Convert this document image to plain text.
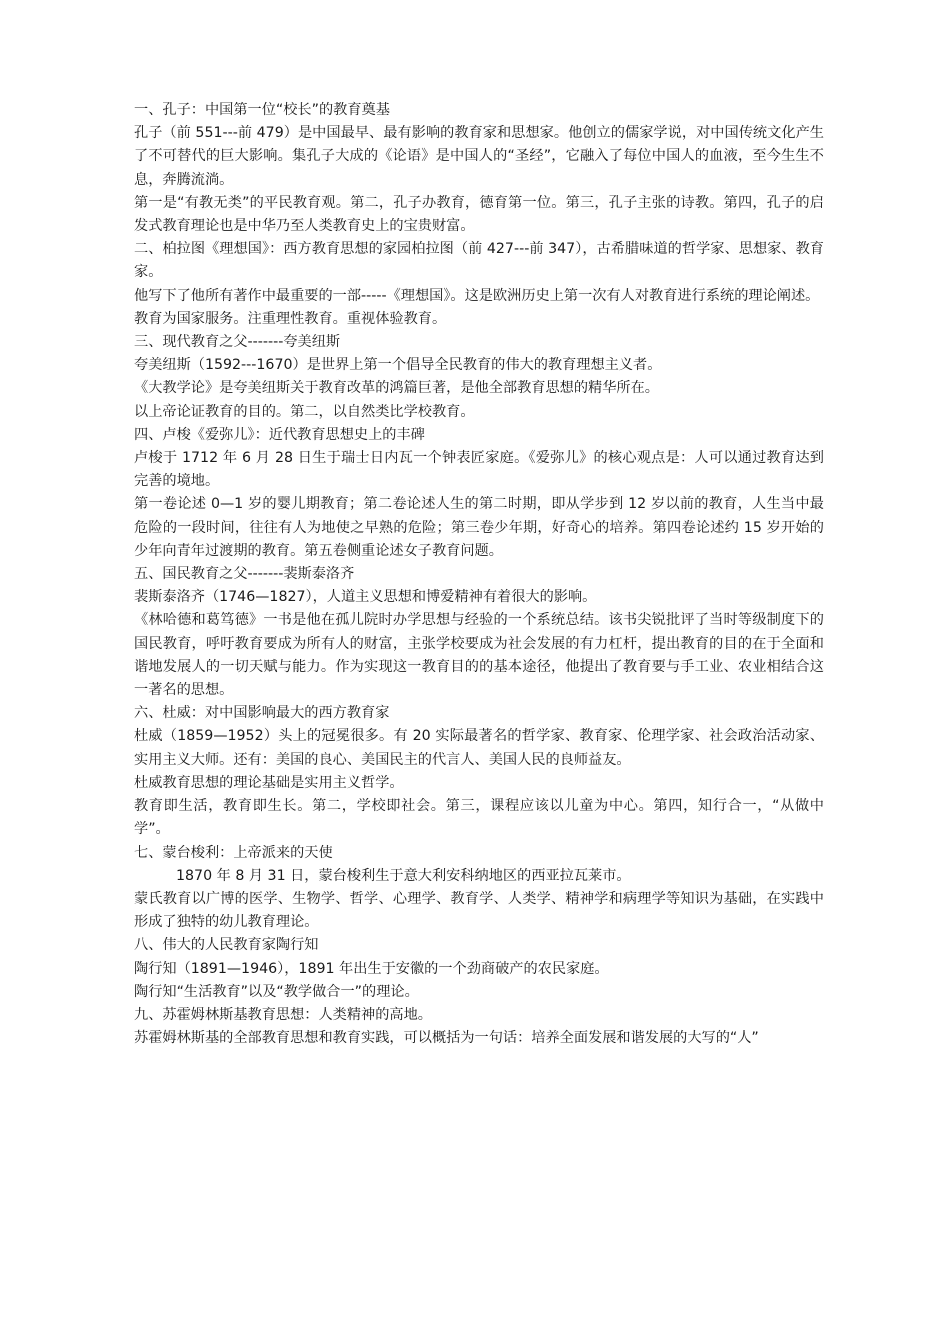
一、孔子：中国第一位“校长”的教育奠基

孔子（前 551---前 479）是中国最早、最有影响的教育家和思想家。他创立的儒家学说，对中国传统文化产生了不可替代的巨大影响。集孔子大成的《论语》是中国人的“圣经”，它融入了每位中国人的血液，至今生生不息，奔腾流淌。

第一是“有教无类”的平民教育观。第二，孔子办教育，德育第一位。第三，孔子主张的诗教。第四，孔子的启发式教育理论也是中华乃至人类教育史上的宝贵财富。

二、柏拉图《理想国》：西方教育思想的家园柏拉图（前 427---前 347），古希腊味道的哲学家、思想家、教育家。

他写下了他所有著作中最重要的一部-----《理想国》。这是欧洲历史上第一次有人对教育进行系统的理论阐述。

教育为国家服务。注重理性教育。重视体验教育。

三、现代教育之父-------夸美纽斯

夸美纽斯（1592---1670）是世界上第一个倡导全民教育的伟大的教育理想主义者。

《大教学论》是夸美纽斯关于教育改革的鸿篇巨著，是他全部教育思想的精华所在。

以上帝论证教育的目的。第二，以自然类比学校教育。

四、卢梭《爱弥儿》：近代教育思想史上的丰碑

卢梭于 1712 年 6 月 28 日生于瑞士日内瓦一个钟表匠家庭。《爱弥儿》的核心观点是：人可以通过教育达到完善的境地。

第一卷论述 0—1 岁的婴儿期教育；第二卷论述人生的第二时期，即从学步到 12 岁以前的教育，人生当中最危险的一段时间，往往有人为地使之早熟的危险；第三卷少年期，好奇心的培养。第四卷论述约 15 岁开始的少年向青年过渡期的教育。第五卷侧重论述女子教育问题。

五、国民教育之父-------裴斯泰洛齐

裴斯泰洛齐（1746—1827），人道主义思想和博爱精神有着很大的影响。

《林哈德和葛笃德》一书是他在孤儿院时办学思想与经验的一个系统总结。该书尖锐批评了当时等级制度下的国民教育，呼吁教育要成为所有人的财富，主张学校要成为社会发展的有力杠杆，提出教育的目的在于全面和谐地发展人的一切天赋与能力。作为实现这一教育目的的基本途径，他提出了教育要与手工业、农业相结合这一著名的思想。

六、杜威：对中国影响最大的西方教育家

杜威（1859—1952）头上的冠冕很多。有 20 实际最著名的哲学家、教育家、伦理学家、社会政治活动家、实用主义大师。还有：美国的良心、美国民主的代言人、美国人民的良师益友。

杜威教育思想的理论基础是实用主义哲学。

教育即生活，教育即生长。第二，学校即社会。第三，课程应该以儿童为中心。第四，知行合一，“从做中学”。

七、蒙台梭利：上帝派来的天使

1870 年 8 月 31 日，蒙台梭利生于意大利安科纳地区的西亚拉瓦莱市。

蒙氏教育以广博的医学、生物学、哲学、心理学、教育学、人类学、精神学和病理学等知识为基础，在实践中形成了独特的幼儿教育理论。

八、伟大的人民教育家陶行知

陶行知（1891—1946），1891 年出生于安徽的一个劲商破产的农民家庭。

陶行知“生活教育”以及“教学做合一”的理论。

九、苏霍姆林斯基教育思想：人类精神的高地。

苏霍姆林斯基的全部教育思想和教育实践，可以概括为一句话：培养全面发展和谐发展的大写的“人”
